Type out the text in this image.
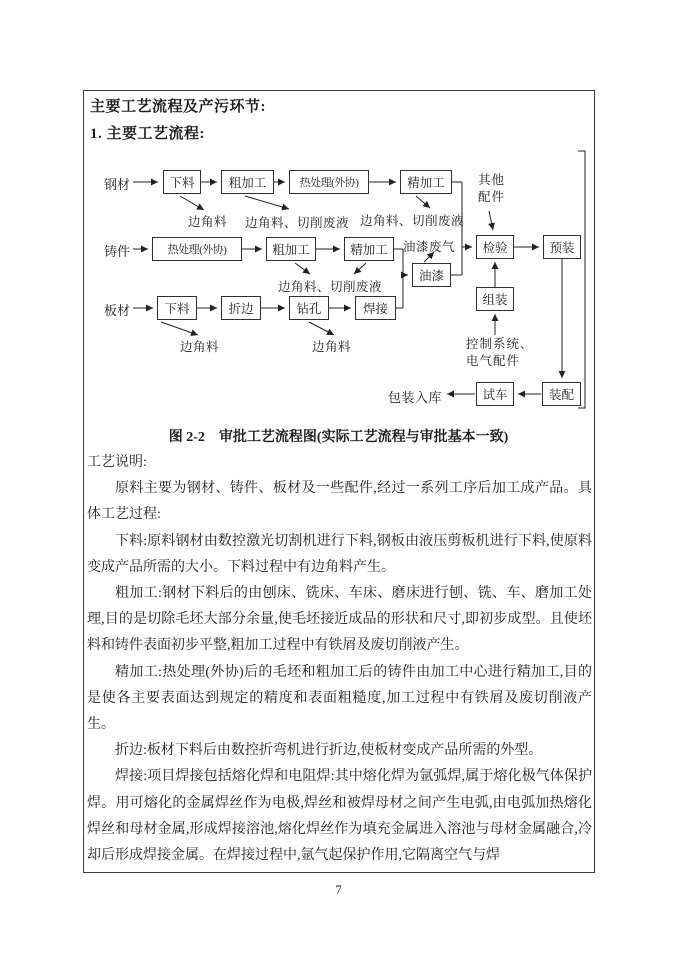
主要工艺流程及产污环节:
1. 主要工艺流程:
钢材
铸件
板材
下料	粗加工	热处理(外协)	精加工
热处理(外协)	粗加工	精加工
下料	折边	钻孔	焊接
油漆
检验	预装
组装
试车	装配
边角料 边角料、切削废液 边角料、切削废液
边角料、切削废液
油漆废气
其他
配件
控制系统、
电气配件
边角料	边角料
包装入库
图 2-2 审批工艺流程图(实际工艺流程与审批基本一致)

工艺说明:

原料主要为钢材、铸件、板材及一些配件,经过一系列工序后加工成产品。具体工艺过程:

下料:原料钢材由数控激光切割机进行下料,钢板由液压剪板机进行下料,使原料变成产品所需的大小。下料过程中有边角料产生。

粗加工:钢材下料后的由刨床、铣床、车床、磨床进行刨、铣、车、磨加工处理,目的是切除毛坯大部分余量,使毛坯接近成品的形状和尺寸,即初步成型。且使坯料和铸件表面初步平整,粗加工过程中有铁屑及废切削液产生。

精加工:热处理(外协)后的毛坯和粗加工后的铸件由加工中心进行精加工,目的是使各主要表面达到规定的精度和表面粗糙度,加工过程中有铁屑及废切削液产生。

折边:板材下料后由数控折弯机进行折边,使板材变成产品所需的外型。

焊接:项目焊接包括熔化焊和电阻焊:其中熔化焊为氩弧焊,属于熔化极气体保护焊。用可熔化的金属焊丝作为电极,焊丝和被焊母材之间产生电弧,由电弧加热熔化焊丝和母材金属,形成焊接溶池,熔化焊丝作为填充金属进入溶池与母材金属融合,冷却后形成焊接金属。在焊接过程中,氩气起保护作用,它隔离空气与焊

7
